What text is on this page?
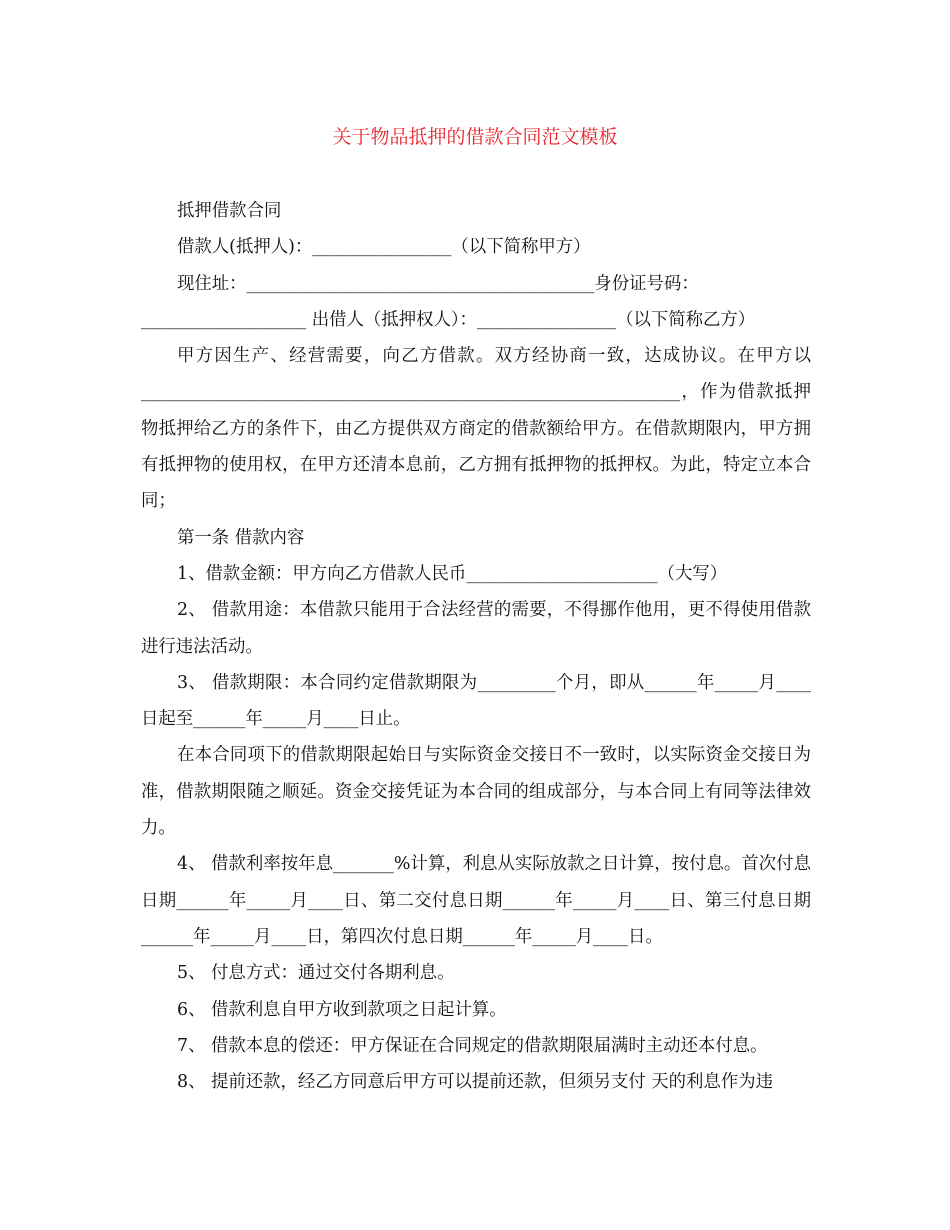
关于物品抵押的借款合同范文模板

抵押借款合同

借款人(抵押人)：________________（以下简称甲方）

现住址：________________________________________身份证号码：

___________________ 出借人（抵押权人）：________________（以下简称乙方）

甲方因生产、经营需要，向乙方借款。双方经协商一致，达成协议。在甲方以______________________________________________________________，作为借款抵押物抵押给乙方的条件下，由乙方提供双方商定的借款额给甲方。在借款期限内，甲方拥有抵押物的使用权，在甲方还清本息前，乙方拥有抵押物的抵押权。为此，特定立本合同；

第一条 借款内容

1、借款金额：甲方向乙方借款人民币______________________（大写）

2、 借款用途：本借款只能用于合法经营的需要，不得挪作他用，更不得使用借款进行违法活动。

3、 借款期限：本合同约定借款期限为_________个月，即从______年_____月____日起至______年_____月____日止。

在本合同项下的借款期限起始日与实际资金交接日不一致时，以实际资金交接日为准，借款期限随之顺延。资金交接凭证为本合同的组成部分，与本合同上有同等法律效力。

4、 借款利率按年息_______%计算，利息从实际放款之日计算，按付息。首次付息日期______年_____月____日、第二交付息日期______年_____月____日、第三付息日期______年_____月____日，第四次付息日期______年_____月____日。

5、 付息方式：通过交付各期利息。

6、 借款利息自甲方收到款项之日起计算。

7、 借款本息的偿还：甲方保证在合同规定的借款期限届满时主动还本付息。

8、 提前还款，经乙方同意后甲方可以提前还款，但须另支付 天的利息作为违
